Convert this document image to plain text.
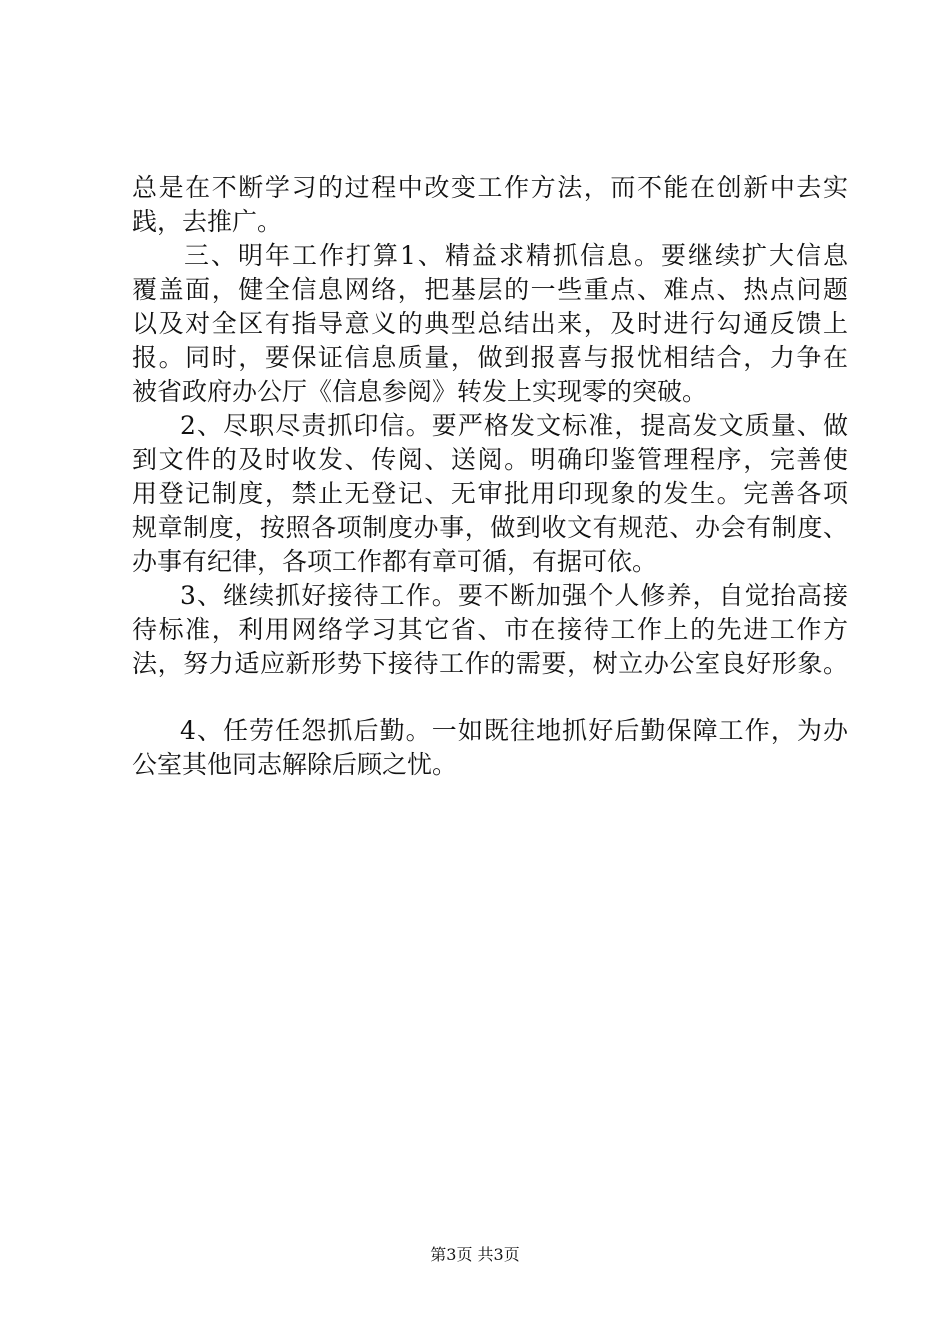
总是在不断学习的过程中改变工作方法，而不能在创新中去实
践，去推广。
三、明年工作打算1、精益求精抓信息。要继续扩大信息
覆盖面，健全信息网络，把基层的一些重点、难点、热点问题
以及对全区有指导意义的典型总结出来，及时进行勾通反馈上
报。同时，要保证信息质量，做到报喜与报忧相结合，力争在
被省政府办公厅《信息参阅》转发上实现零的突破。
2、尽职尽责抓印信。要严格发文标准，提高发文质量、做
到文件的及时收发、传阅、送阅。明确印鉴管理程序，完善使
用登记制度，禁止无登记、无审批用印现象的发生。完善各项
规章制度，按照各项制度办事，做到收文有规范、办会有制度、
办事有纪律，各项工作都有章可循，有据可依。
3、继续抓好接待工作。要不断加强个人修养，自觉抬高接
待标准，利用网络学习其它省、市在接待工作上的先进工作方
法，努力适应新形势下接待工作的需要，树立办公室良好形象。
4、任劳任怨抓后勤。一如既往地抓好后勤保障工作，为办
公室其他同志解除后顾之忧。
第3页 共3页
